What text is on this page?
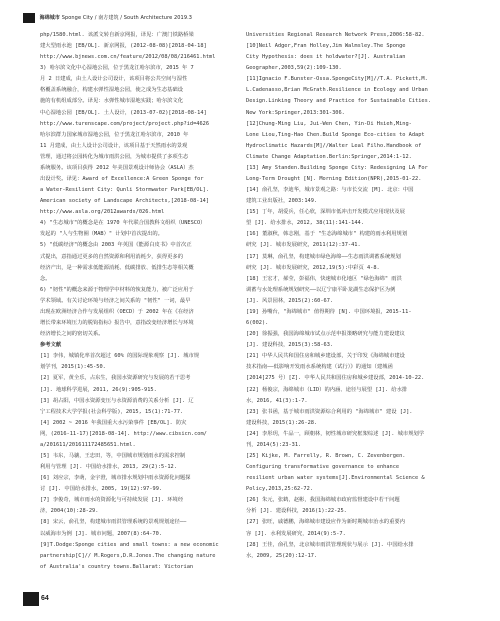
海绵城市 Sponge City / 南方建筑 / South Architecture 2019.3
php/1580.html. 该派文转自新京网报，译见：广澳门铁路桥梁
建大型雨水池 [EB/OL]. 新京网报，(2012-08-08)[2018-04-18]
http://www.bjnews.com.cn/feature/2012/08/08/216461.html
3) 哈尔滨文化中心湿地公园，位于黑龙江哈尔滨市，2015 年 7
月 2 日建成，由土人设计公司设计，该项目将公共空间与湿性
格覆盖系统融合，构建水弹性湿地公园，使之成为生态基础设
施的有机组成部分。译见：水弹性城市湿地实践；哈尔滨文化
中心湿地公园 [EB/OL]. 土人设计，(2013-07-02)[2018-08-14]
http://www.turenscape.com/project/project.php?id=4626
哈尔滨群力国家城市湿地公园，位于黑龙江哈尔滨市，2010 年
11 月建成，由土人设计公司设计，该项目基于天然雨水的景观
管理，通过将公园转化为城市雨洪公园，为城市提供了多项生态
系统服务。该项目获得 2012 年美国景观设计师协会（ASLA）杰
出设计奖。译见：Award of Excellence:A Green Sponge for
a Water-Resilient City: Qunli Stormwater Park[EB/OL].
American society of Landscape Architects,[2018-08-14]
http://www.asla.org/2012awards/026.html
4) "生态城市"的概念是在 1970 年代联合国教科文组织（UNESCO）
发起的 "人与生物圈（MAB）" 计划中首次提出的。
5) "低碳经济"的概念由 2003 年英国《能源白皮书》中首次正
式提出，意指通过更多的自然资源和利用消耗少，获得更多的
经济产出，是一种需求低能源消耗、低碳排放、低排生态等相关概
念。
6) "韧性"的概念来源于物理学中材料的恢复能力，被广泛应用于
学术领域。有关讨论环境与经济之间关系的 "韧性" 一词，最早
出现在欧洲经济合作与发展组织（OECD）于 2002 年在《在经济
增长带来环境压力的脱钩指标》报告中，意指改变经济增长与环境
经济增长之间的密切关系。
参考文献
[1] 李伟，城镇化率首次超过 60% 的国际现象观察 [J]. 城市规
划学刊，2015(1):45-50.
[2] 夏军，黄全乐，占东生，我国水资源研究与发展的若干思考
[J]. 地球科学进展，2011, 26(9):905-915.
[3] 胡占阳，中国水资源变压与水资源消费的关系分析 [J]. 辽
宁工程技术大学学报(社会科学版)，2015, 15(1):71-77.
[4] 2002 ~ 2016 年我国重大水污染事件 [EB/OL]. 防灾
网，(2016-11-17)[2018-08-14]. http://www.cibsicn.com/
a/201611/201611172485651.html.
[5] 韦东，马骧，王忠田，等，中国城市规划雨水的需求控制
利用与管理 [J]. 中国给水排水，2013, 29(2):5-12.
[6] 刘应宗，李萌，金宇澄，城市排水规划中雨水资源化问题探
讨 [J]. 中国给水排水，2005, 19(12):97-99.
[7] 李俊奇，城市雨水的资源化与可持续发展 [J]. 环境经
济，2004(10):28-29.
[8] 宋云，俞孔坚，构建城市雨洪管理系统的景观规划途径——
以威海市为例 [J]. 城市问题，2007(8):64-70.
[9]T.Dodge:Sponge cities and small towns: a new economic
partnership[C]// M.Rogers,D.R.Jones.The changing nature
of Australia's country towns.Ballarat: Victorian
Universities Regional Research Network Press,2006:58-82.
[10]Neil Adger,Fran Holley,Jim Walmsley.The Sponge
City Hypothesis: does it holdwater?[J]. Australian
Geographer,2003,59(2):109-130.
[11]Ignacio F.Bunster-Ossa.SpongeCity[M]//T.A. Pickett,M.
L.Cadenasso,Brian McGrath.Resilience in Ecology and Urban
Design.Linking Theory and Practice for Sustainable Cities.
New York:Springer,2013:301-306.
[12]Chung-Ming Liu, Jui-Wen Chen, Yin-Di Hsieh,Ming-
Lone Liou,Ting-Hao Chen.Build Sponge Eco-cities to Adapt
Hydroclimatic Hazards[M]//Walter Leal Filho.Handbook of
Climate Change Adaptation.Berlin:Springer,2014:1-12.
[13] Amy Standen.Building Sponge City: Redesigning LA For
Long-Term Drought [N]. Morning Edition(NPR),2015-01-22.
[14] 俞孔坚，李迪华，城市景观之路：与市长交流 [M]. 北京：中国
建筑工业出版社，2003:149.
[15] 丁年，胡爱兵，任心欣，深圳市低冲击开发模式应用现状及展
望 [J]. 给水排水，2012, 38(11):141-144.
[16] 董淑秋，韩志刚，基于 "生态海绵城市" 构建的雨水利用规划
研究 [J]. 城市发展研究，2011(12):37-41.
[17] 莫琳，俞孔坚，构建城市绿色海绵——生态雨洪调蓄系统规划
研究 [J]. 城市发展研究，2012,19(5):中彩页 4-8.
[18] 王宏才，郝莹，彭福伟，快速城市化地区 "绿色海绵" 雨洪
调蓄与水处理系统规划研究——以辽宁康平卧龙湖生态保护区为例
[J]. 风景园林，2015(2):60-67.
[19] 孙嘴台，"海绵城市" 值得期待 [N]. 中国环境报，2015-11-
6(002).
[20] 徐振强，我国海绵城市试点示范申报策略研究与能力建设建议
[J]. 建设科技，2015(3):58-63.
[21] 中华人民共和国住房和城乡建设部，关于印发《海绵城市建设
技术指南——低影响开发雨水系统构建（试行）》的通知（建城函
[2014]275 号）[Z]. 中华人民共和国住房和城乡建设部，2014-10-22.
[22] 杨俊宗，海绵城市（LID）的内涵、途径与展望 [J]. 给水排
水，2016, 41(3):1-7.
[23] 张书函，基于城市雨洪资源综合利用的 "海绵城市" 建设 [J].
建设科技，2015(1):26-28.
[24] 李彤玥，牛品一，顾朝林，韧性城市研究框架综述 [J]. 城市规划学
刊，2014(5):23-31.
[25] Kijke, M. Farrelly, R. Brown, C. Zevenbergen.
Configuring transformative governance to enhance
resilient urban water systems[J].Environmental Science &
Policy,2013,25:62-72.
[26] 朱元，张鹤，赵彬，我国海绵城市政府监督建设中若干问题
分析 [J]. 建设科技，2016(1):22-25.
[27] 张旺，戚德鹏，海绵城市建设应作为新时期城市治水的重要内
容 [J]. 水利发展研究，2014(9):5-7.
[28] 王佳，俞孔坚，北京城市雨洪管理现状与展示 [J]. 中国给水排
水，2009, 25(20):12-17.
64
